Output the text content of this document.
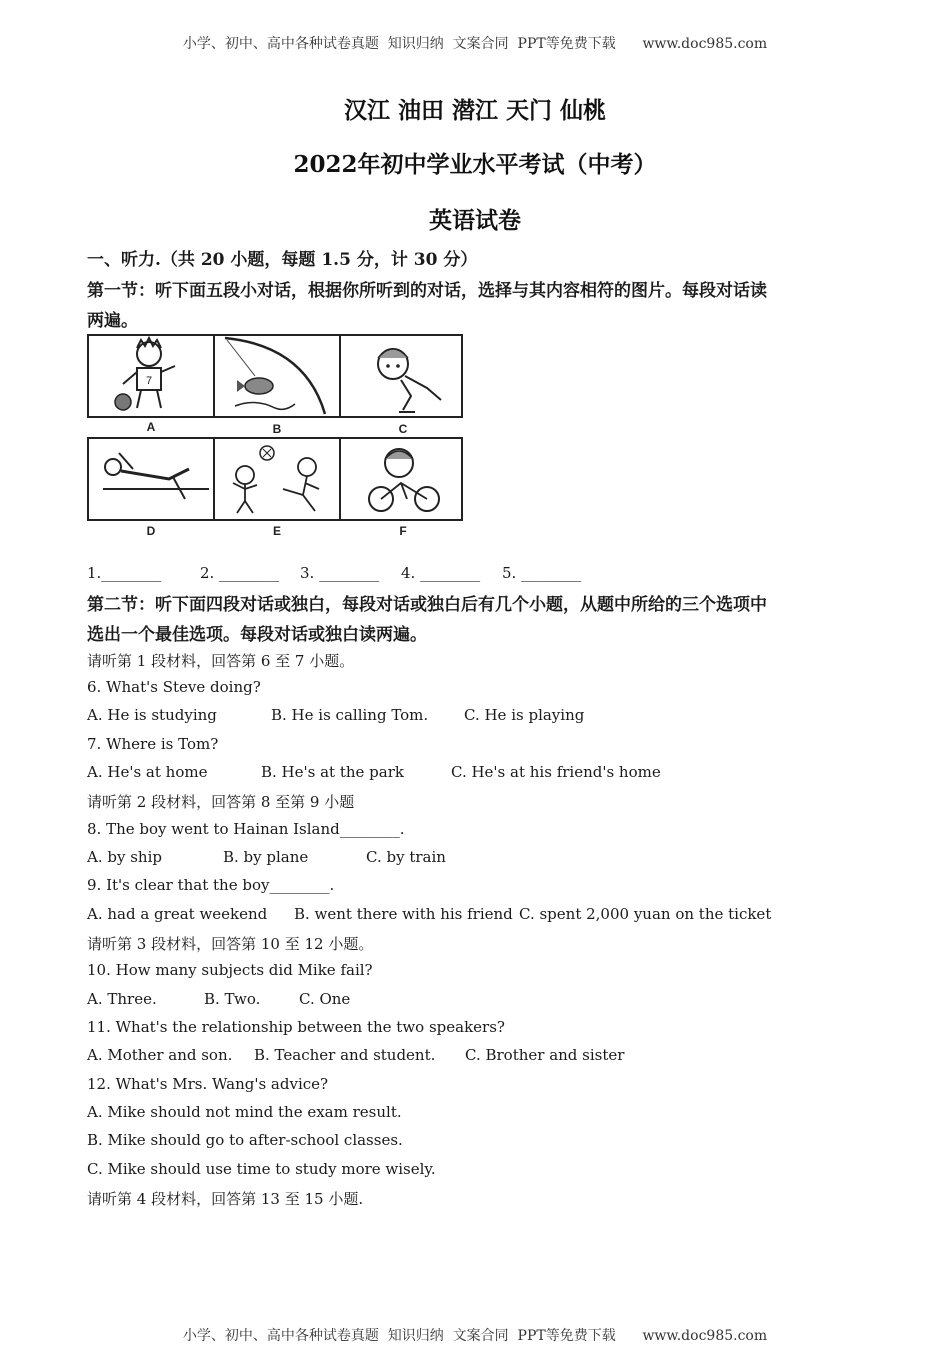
小学、初中、高中各种试卷真题  知识归纳  文案合同  PPT等免费下载      www.doc985.com
汉江 油田 潜江 天门 仙桃
2022年初中学业水平考试（中考）
英语试卷
一、听力.（共 20 小题，每题 1.5 分，计 30 分）
第一节：听下面五段小对话，根据你所听到的对话，选择与其内容相符的图片。每段对话读
两遍。
7
A	B	C
D	E	F
1.________	2. ________ 3. ________ 4. ________ 5. ________
第二节：听下面四段对话或独白，每段对话或独白后有几个小题，从题中所给的三个选项中
选出一个最佳选项。每段对话或独白读两遍。
请听第 1 段材料，回答第 6 至 7 小题。
6. What's Steve doing?
A. He is studying	B. He is calling Tom. C. He is playing
7. Where is Tom?
A. He's at home	B. He's at the park	C. He's at his friend's home
请听第 2 段材料，回答第 8 至第 9 小题
8. The boy went to Hainan Island________.
A. by ship	B. by plane	C. by train
9. It's clear that the boy________.
A. had a great weekend B. went there with his friend C. spent 2,000 yuan on the ticket
请听第 3 段材料，回答第 10 至 12 小题。
10. How many subjects did Mike fail?
A. Three.	B. Two.	C. One
11. What's the relationship between the two speakers?
A. Mother and son. B. Teacher and student. C. Brother and sister
12. What's Mrs. Wang's advice?
A. Mike should not mind the exam result.
B. Mike should go to after-school classes.
C. Mike should use time to study more wisely.
请听第 4 段材料，回答第 13 至 15 小题.
小学、初中、高中各种试卷真题  知识归纳  文案合同  PPT等免费下载      www.doc985.com
